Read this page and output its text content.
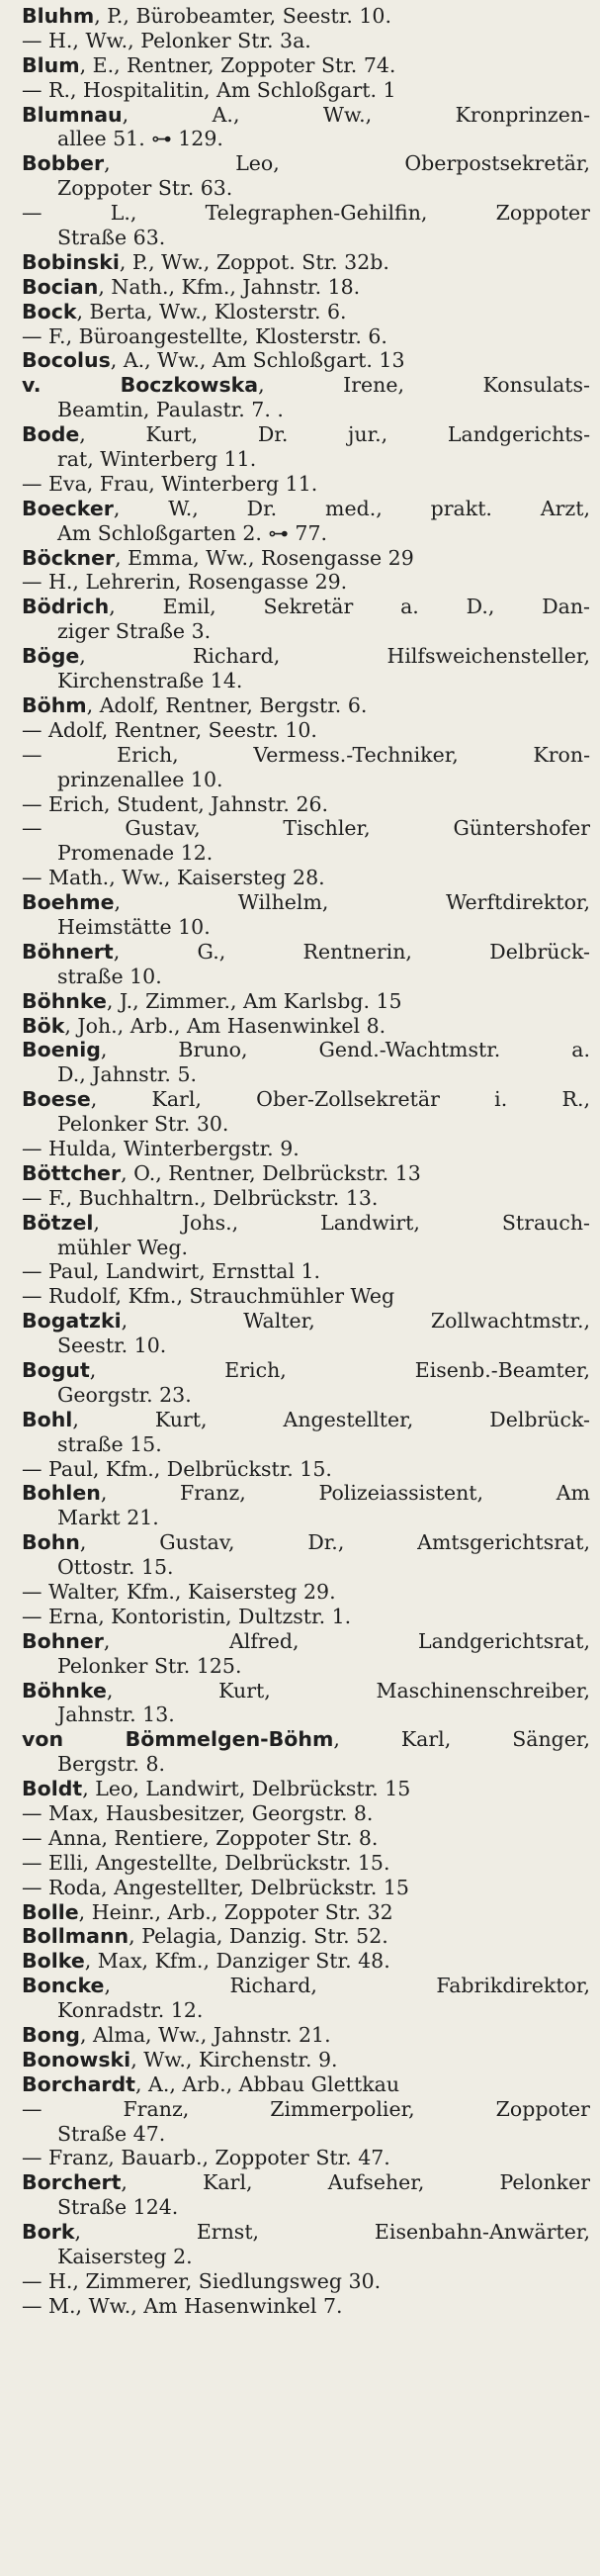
Bluhm, P., Bürobeamter, Seestr. 10.
— H., Ww., Pelonker Str. 3a.
Blum, E., Rentner, Zoppoter Str. 74.
— R., Hospitalitin, Am Schloßgart. 1
Blumnau, A., Ww., Kronprinzen-
allee 51. ⊶ 129.
Bobber, Leo, Oberpostsekretär,
Zoppoter Str. 63.
— L., Telegraphen-Gehilfin, Zoppoter
Straße 63.
Bobinski, P., Ww., Zoppot. Str. 32b.
Bocian, Nath., Kfm., Jahnstr. 18.
Bock, Berta, Ww., Klosterstr. 6.
— F., Büroangestellte, Klosterstr. 6.
Bocolus, A., Ww., Am Schloßgart. 13
v. Boczkowska, Irene, Konsulats-
Beamtin, Paulastr. 7. .
Bode, Kurt, Dr. jur., Landgerichts-
rat, Winterberg 11.
— Eva, Frau, Winterberg 11.
Boecker, W., Dr. med., prakt. Arzt,
Am Schloßgarten 2. ⊶ 77.
Böckner, Emma, Ww., Rosengasse 29
— H., Lehrerin, Rosengasse 29.
Bödrich, Emil, Sekretär a. D., Dan-
ziger Straße 3.
Böge, Richard, Hilfsweichensteller,
Kirchenstraße 14.
Böhm, Adolf, Rentner, Bergstr. 6.
— Adolf, Rentner, Seestr. 10.
— Erich, Vermess.-Techniker, Kron-
prinzenallee 10.
— Erich, Student, Jahnstr. 26.
— Gustav, Tischler, Güntershofer
Promenade 12.
— Math., Ww., Kaisersteg 28.
Boehme, Wilhelm, Werftdirektor,
Heimstätte 10.
Böhnert, G., Rentnerin, Delbrück-
straße 10.
Böhnke, J., Zimmer., Am Karlsbg. 15
Bök, Joh., Arb., Am Hasenwinkel 8.
Boenig, Bruno, Gend.-Wachtmstr. a.
D., Jahnstr. 5.
Boese, Karl, Ober-Zollsekretär i. R.,
Pelonker Str. 30.
— Hulda, Winterbergstr. 9.
Böttcher, O., Rentner, Delbrückstr. 13
— F., Buchhaltrn., Delbrückstr. 13.
Bötzel, Johs., Landwirt, Strauch-
mühler Weg.
— Paul, Landwirt, Ernsttal 1.
— Rudolf, Kfm., Strauchmühler Weg
Bogatzki, Walter, Zollwachtmstr.,
Seestr. 10.
Bogut, Erich, Eisenb.-Beamter,
Georgstr. 23.
Bohl, Kurt, Angestellter, Delbrück-
straße 15.
— Paul, Kfm., Delbrückstr. 15.
Bohlen, Franz, Polizeiassistent, Am
Markt 21.
Bohn, Gustav, Dr., Amtsgerichtsrat,
Ottostr. 15.
— Walter, Kfm., Kaisersteg 29.
— Erna, Kontoristin, Dultzstr. 1.
Bohner, Alfred, Landgerichtsrat,
Pelonker Str. 125.
Böhnke, Kurt, Maschinenschreiber,
Jahnstr. 13.
von Bömmelgen-Böhm, Karl, Sänger,
Bergstr. 8.
Boldt, Leo, Landwirt, Delbrückstr. 15
— Max, Hausbesitzer, Georgstr. 8.
— Anna, Rentiere, Zoppoter Str. 8.
— Elli, Angestellte, Delbrückstr. 15.
— Roda, Angestellter, Delbrückstr. 15
Bolle, Heinr., Arb., Zoppoter Str. 32
Bollmann, Pelagia, Danzig. Str. 52.
Bolke, Max, Kfm., Danziger Str. 48.
Boncke, Richard, Fabrikdirektor,
Konradstr. 12.
Bong, Alma, Ww., Jahnstr. 21.
Bonowski, Ww., Kirchenstr. 9.
Borchardt, A., Arb., Abbau Glettkau
— Franz, Zimmerpolier, Zoppoter
Straße 47.
— Franz, Bauarb., Zoppoter Str. 47.
Borchert, Karl, Aufseher, Pelonker
Straße 124.
Bork, Ernst, Eisenbahn-Anwärter,
Kaisersteg 2.
— H., Zimmerer, Siedlungsweg 30.
— M., Ww., Am Hasenwinkel 7.
